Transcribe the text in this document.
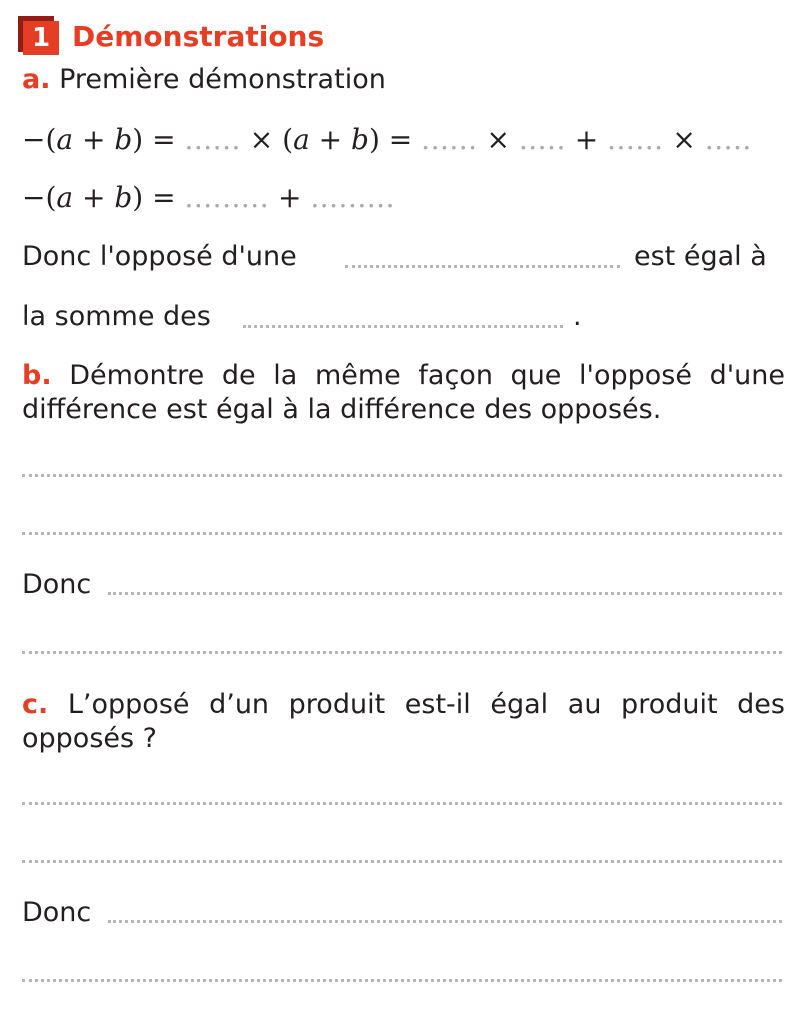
1 Démonstrations
a. Première démonstration
−(a + b) = ...... × (a + b) = ...... × ..... + ...... × .....
−(a + b) = ......... + .........
Donc l'opposé d'une	est égal à
la somme des	.
b. Démontre de la même façon que l'opposé d'une
différence est égal à la différence des opposés.
Donc
c. L’opposé d’un produit est-il égal au produit des
opposés ?
Donc
